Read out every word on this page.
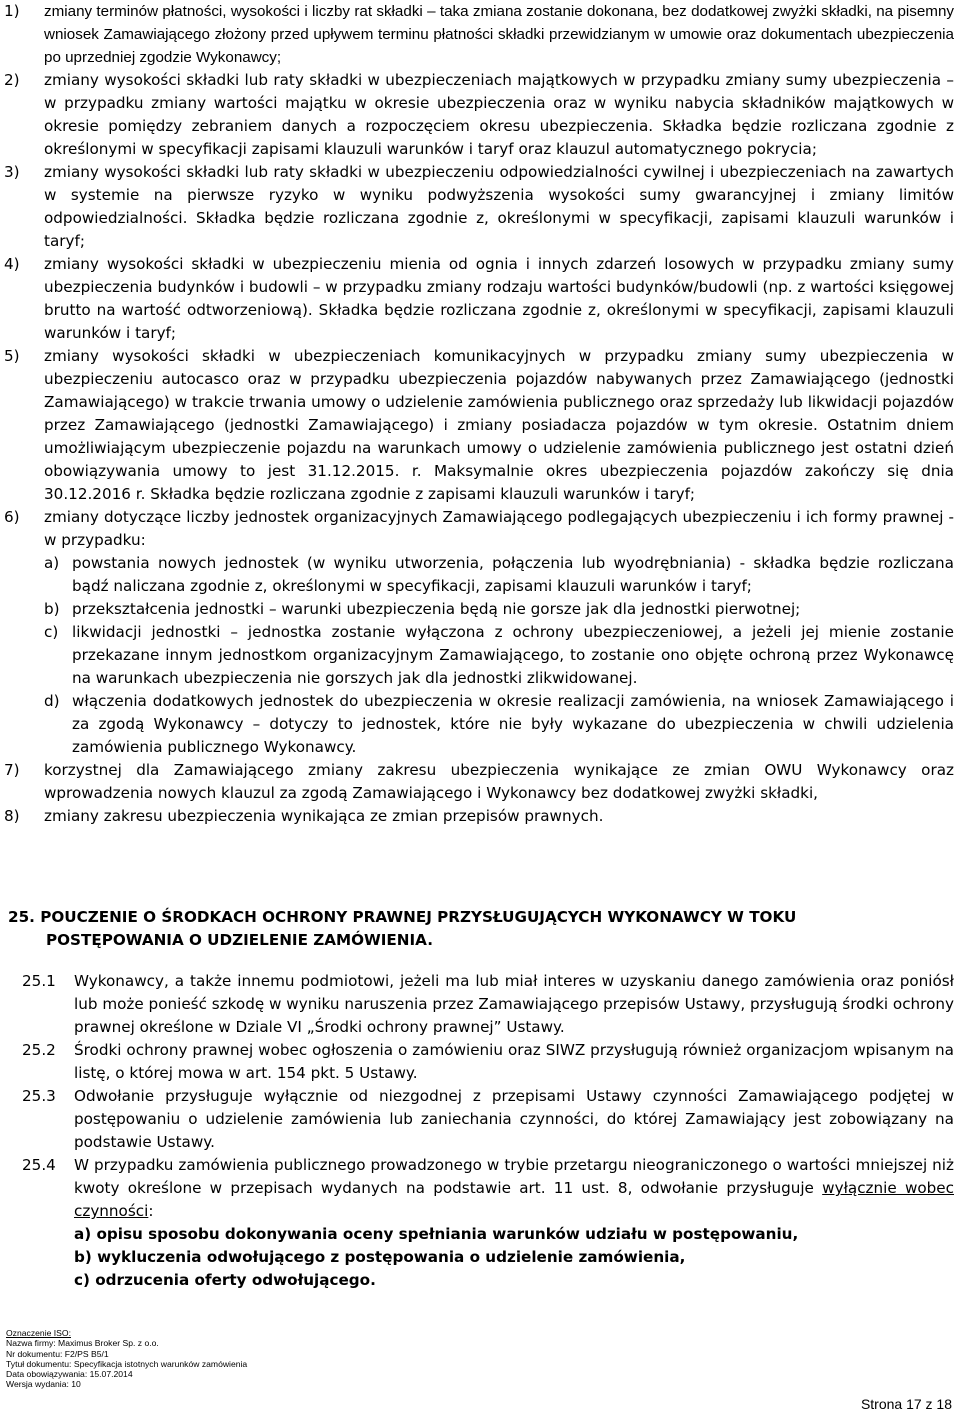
1)	zmiany terminów płatności, wysokości i liczby rat składki – taka zmiana zostanie dokonana, bez dodatkowej zwyżki składki, na pisemny wniosek Zamawiającego złożony przed upływem terminu płatności składki przewidzianym w umowie oraz dokumentach ubezpieczenia po uprzedniej zgodzie Wykonawcy;
2)	zmiany wysokości składki lub raty składki w ubezpieczeniach majątkowych w przypadku zmiany sumy ubezpieczenia – w przypadku zmiany wartości majątku w okresie ubezpieczenia oraz w wyniku nabycia składników majątkowych w okresie pomiędzy zebraniem danych a rozpoczęciem okresu ubezpieczenia. Składka będzie rozliczana zgodnie z określonymi w specyfikacji zapisami klauzuli warunków i taryf oraz klauzul automatycznego pokrycia;
3)	zmiany wysokości składki lub raty składki w ubezpieczeniu odpowiedzialności cywilnej i ubezpieczeniach na zawartych w systemie na pierwsze ryzyko w wyniku podwyższenia wysokości sumy gwarancyjnej i zmiany limitów odpowiedzialności. Składka będzie rozliczana zgodnie z, określonymi w specyfikacji, zapisami klauzuli warunków i taryf;
4)	zmiany wysokości składki w ubezpieczeniu mienia od ognia i innych zdarzeń losowych w przypadku zmiany sumy ubezpieczenia budynków i budowli – w przypadku zmiany rodzaju wartości budynków/budowli (np. z wartości księgowej brutto na wartość odtworzeniową). Składka będzie rozliczana zgodnie z, określonymi w specyfikacji, zapisami klauzuli warunków i taryf;
5)	zmiany wysokości składki w ubezpieczeniach komunikacyjnych w przypadku zmiany sumy ubezpieczenia w ubezpieczeniu autocasco oraz w przypadku ubezpieczenia pojazdów nabywanych przez Zamawiającego (jednostki Zamawiającego) w trakcie trwania umowy o udzielenie zamówienia publicznego oraz sprzedaży lub likwidacji pojazdów przez Zamawiającego (jednostki Zamawiającego) i zmiany posiadacza pojazdów w tym okresie. Ostatnim dniem umożliwiającym ubezpieczenie pojazdu na warunkach umowy o udzielenie zamówienia publicznego jest ostatni dzień obowiązywania umowy to jest 31.12.2015. r. Maksymalnie okres ubezpieczenia pojazdów zakończy się dnia 30.12.2016 r. Składka będzie rozliczana zgodnie z zapisami klauzuli warunków i taryf;
6)	zmiany dotyczące liczby jednostek organizacyjnych Zamawiającego podlegających ubezpieczeniu i ich formy prawnej - w przypadku:
a) powstania nowych jednostek (w wyniku utworzenia, połączenia lub wyodrębniania) - składka będzie rozliczana bądź naliczana zgodnie z, określonymi w specyfikacji, zapisami klauzuli warunków i taryf;
b) przekształcenia jednostki – warunki ubezpieczenia będą nie gorsze jak dla jednostki pierwotnej;
c) likwidacji jednostki – jednostka zostanie wyłączona z ochrony ubezpieczeniowej, a jeżeli jej mienie zostanie przekazane innym jednostkom organizacyjnym Zamawiającego, to zostanie ono objęte ochroną przez Wykonawcę na warunkach ubezpieczenia nie gorszych jak dla jednostki zlikwidowanej.
d) włączenia dodatkowych jednostek do ubezpieczenia w okresie realizacji zamówienia, na wniosek Zamawiającego i za zgodą Wykonawcy – dotyczy to jednostek, które nie były wykazane do ubezpieczenia w chwili udzielenia zamówienia publicznego Wykonawcy.
7)	korzystnej dla Zamawiającego zmiany zakresu ubezpieczenia wynikające ze zmian OWU Wykonawcy oraz wprowadzenia nowych klauzul za zgodą Zamawiającego i Wykonawcy bez dodatkowej zwyżki składki,
8)	zmiany zakresu ubezpieczenia wynikająca ze zmian przepisów prawnych.
25. POUCZENIE O ŚRODKACH OCHRONY PRAWNEJ PRZYSŁUGUJĄCYCH WYKONAWCY W TOKU
POSTĘPOWANIA O UDZIELENIE ZAMÓWIENIA.
25.1	Wykonawcy, a także innemu podmiotowi, jeżeli ma lub miał interes w uzyskaniu danego zamówienia oraz poniósł lub może ponieść szkodę w wyniku naruszenia przez Zamawiającego przepisów Ustawy, przysługują środki ochrony prawnej określone w Dziale VI „Środki ochrony prawnej” Ustawy.
25.2	Środki ochrony prawnej wobec ogłoszenia o zamówieniu oraz SIWZ przysługują również organizacjom wpisanym na listę, o której mowa w art. 154 pkt. 5 Ustawy.
25.3	Odwołanie przysługuje wyłącznie od niezgodnej z przepisami Ustawy czynności Zamawiającego podjętej w postępowaniu o udzielenie zamówienia lub zaniechania czynności, do której Zamawiający jest zobowiązany na podstawie Ustawy.
25.4	W przypadku zamówienia publicznego prowadzonego w trybie przetargu nieograniczonego o wartości mniejszej niż kwoty określone w przepisach wydanych na podstawie art. 11 ust. 8, odwołanie przysługuje wyłącznie wobec czynności:
a) opisu sposobu dokonywania oceny spełniania warunków udziału w postępowaniu,
b) wykluczenia odwołującego z postępowania o udzielenie zamówienia,
c) odrzucenia oferty odwołującego.
Oznaczenie ISO:
Nazwa firmy: Maximus Broker Sp. z o.o.
Nr dokumentu: F2/PS B5/1
Tytuł dokumentu: Specyfikacja istotnych warunków zamówienia
Data obowiązywania: 15.07.2014
Wersja wydania: 10
Strona 17 z 18
